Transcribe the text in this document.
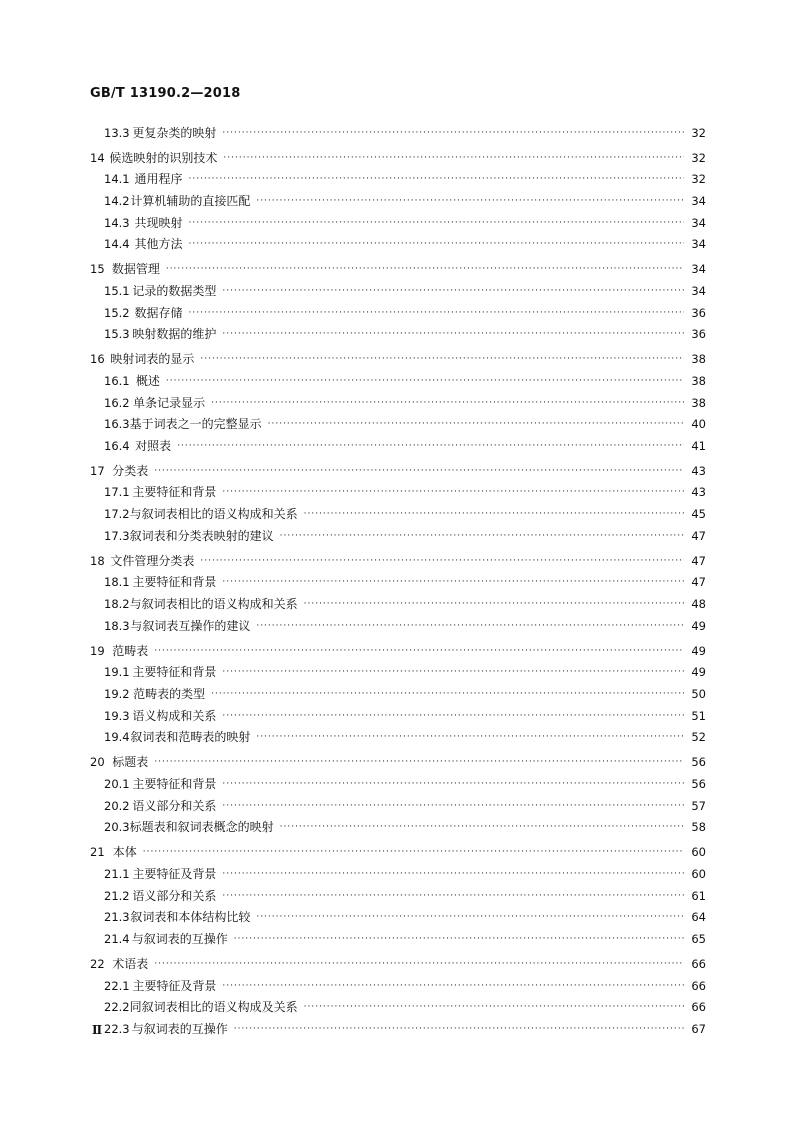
GB/T 13190.2—2018
13.3 更复杂类的映射 ·····	32
14 候选映射的识别技术 ·····	32
14.1 通用程序 ·····	32
14.2 计算机辅助的直接匹配 ·····	34
14.3 共现映射 ·····	34
14.4 其他方法 ·····	34
15 数据管理 ·····	34
15.1 记录的数据类型 ·····	34
15.2 数据存储 ·····	36
15.3 映射数据的维护 ·····	36
16 映射词表的显示 ·····	38
16.1 概述 ·····	38
16.2 单条记录显示 ·····	38
16.3 基于词表之一的完整显示 ·····	40
16.4 对照表 ·····	41
17 分类表 ·····	43
17.1 主要特征和背景 ·····	43
17.2 与叙词表相比的语义构成和关系 ·····	45
17.3 叙词表和分类表映射的建议 ·····	47
18 文件管理分类表 ·····	47
18.1 主要特征和背景 ·····	47
18.2 与叙词表相比的语义构成和关系 ·····	48
18.3 与叙词表互操作的建议 ·····	49
19 范畴表 ·····	49
19.1 主要特征和背景 ·····	49
19.2 范畴表的类型 ·····	50
19.3 语义构成和关系 ·····	51
19.4 叙词表和范畴表的映射 ·····	52
20 标题表 ·····	56
20.1 主要特征和背景 ·····	56
20.2 语义部分和关系 ·····	57
20.3 标题表和叙词表概念的映射 ·····	58
21 本体 ·····	60
21.1 主要特征及背景 ·····	60
21.2 语义部分和关系 ·····	61
21.3 叙词表和本体结构比较 ·····	64
21.4 与叙词表的互操作 ·····	65
22 术语表 ·····	66
22.1 主要特征及背景 ·····	66
22.2 同叙词表相比的语义构成及关系 ·····	66
22.3 与叙词表的互操作 ·····	67
Ⅱ
